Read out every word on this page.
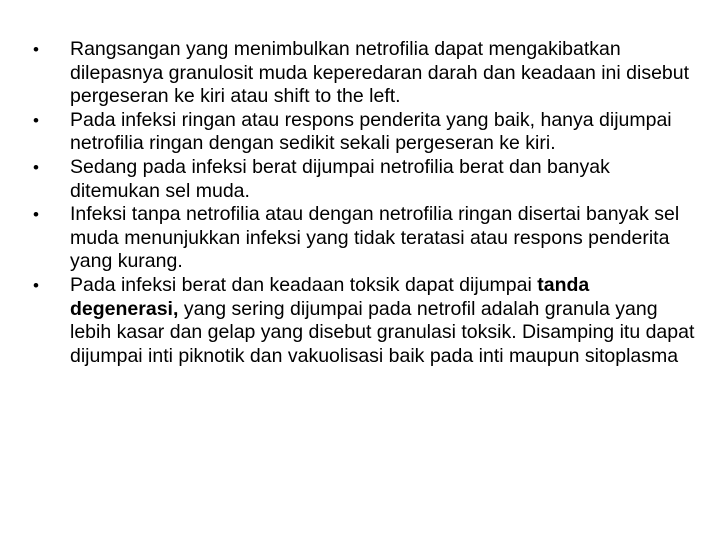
• Rangsangan yang menimbulkan netrofilia dapat mengakibatkan dilepasnya granulosit muda keperedaran darah dan keadaan ini disebut pergeseran ke kiri atau shift to the left.
• Pada infeksi ringan atau respons penderita yang baik, hanya dijumpai netrofilia ringan dengan sedikit sekali pergeseran ke kiri.
• Sedang pada infeksi berat dijumpai netrofilia berat dan banyak ditemukan sel muda.
• Infeksi tanpa netrofilia atau dengan netrofilia ringan disertai banyak sel muda menunjukkan infeksi yang tidak teratasi atau respons penderita yang kurang.
• Pada infeksi berat dan keadaan toksik dapat dijumpai tanda degenerasi, yang sering dijumpai pada netrofil adalah granula yang lebih kasar dan gelap yang disebut granulasi toksik. Disamping itu dapat dijumpai inti piknotik dan vakuolisasi baik pada inti maupun sitoplasma
